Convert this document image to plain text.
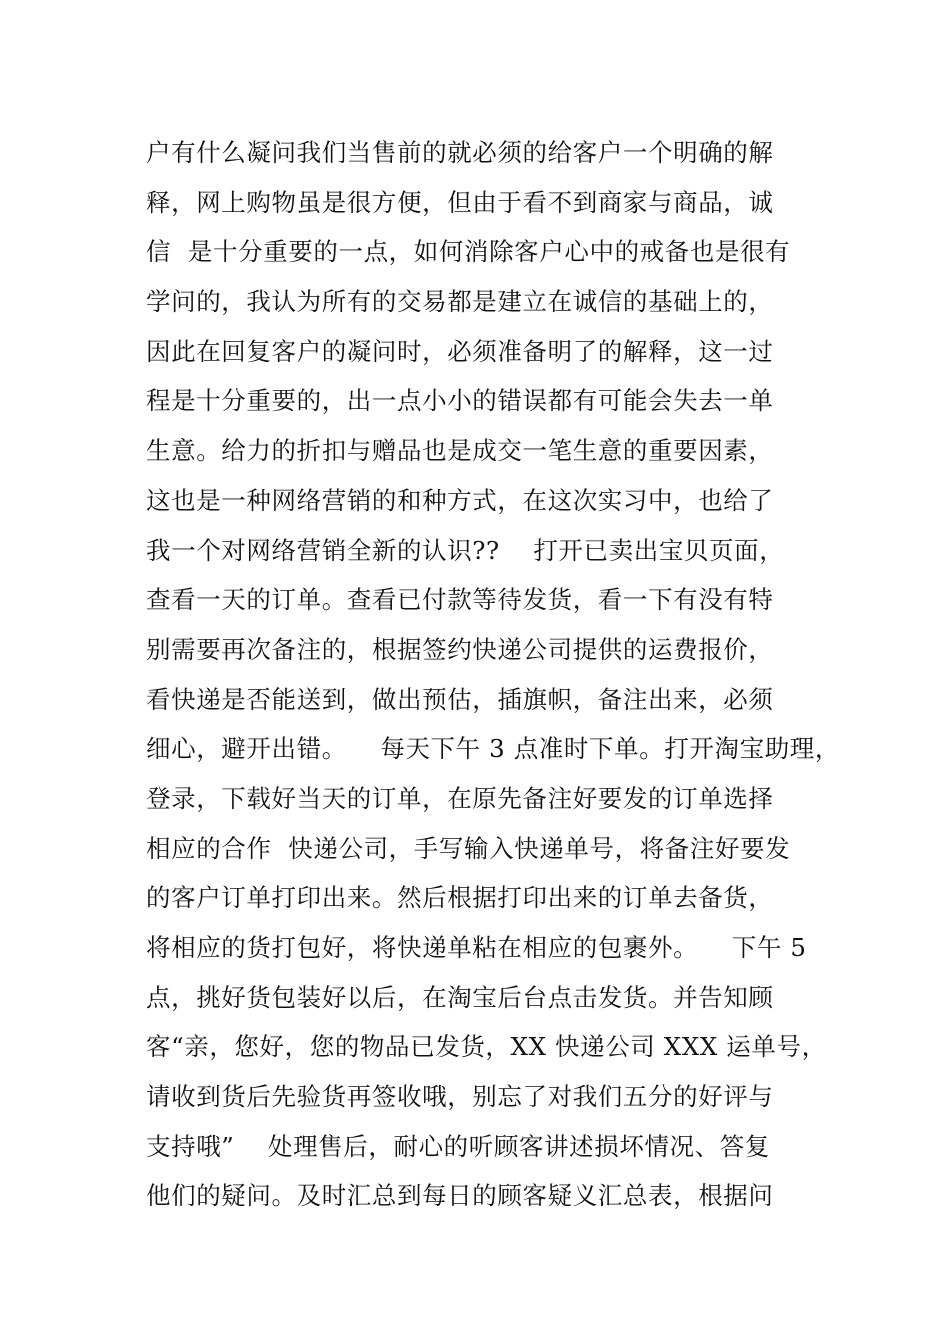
户有什么凝问我们当售前的就必须的给客户一个明确的解
释，网上购物虽是很方便，但由于看不到商家与商品，诚
信  是十分重要的一点，如何消除客户心中的戒备也是很有
学问的，我认为所有的交易都是建立在诚信的基础上的，
因此在回复客户的凝问时，必须准备明了的解释，这一过
程是十分重要的，出一点小小的错误都有可能会失去一单
生意。给力的折扣与赠品也是成交一笔生意的重要因素，
这也是一种网络营销的和种方式，在这次实习中，也给了
我一个对网络营销全新的认识??    打开已卖出宝贝页面，
查看一天的订单。查看已付款等待发货，看一下有没有特
别需要再次备注的，根据签约快递公司提供的运费报价，
看快递是否能送到，做出预估，插旗帜，备注出来，必须
细心，避开出错。    每天下午 3 点准时下单。打开淘宝助理，
登录，下载好当天的订单，在原先备注好要发的订单选择
相应的合作  快递公司，手写输入快递单号，将备注好要发
的客户订单打印出来。然后根据打印出来的订单去备货，
将相应的货打包好，将快递单粘在相应的包裹外。    下午 5
点，挑好货包装好以后，在淘宝后台点击发货。并告知顾
客“亲，您好，您的物品已发货，XX 快递公司 XXX 运单号，
请收到货后先验货再签收哦，别忘了对我们五分的好评与
支持哦”    处理售后，耐心的听顾客讲述损坏情况、答复
他们的疑问。及时汇总到每日的顾客疑义汇总表，根据问
